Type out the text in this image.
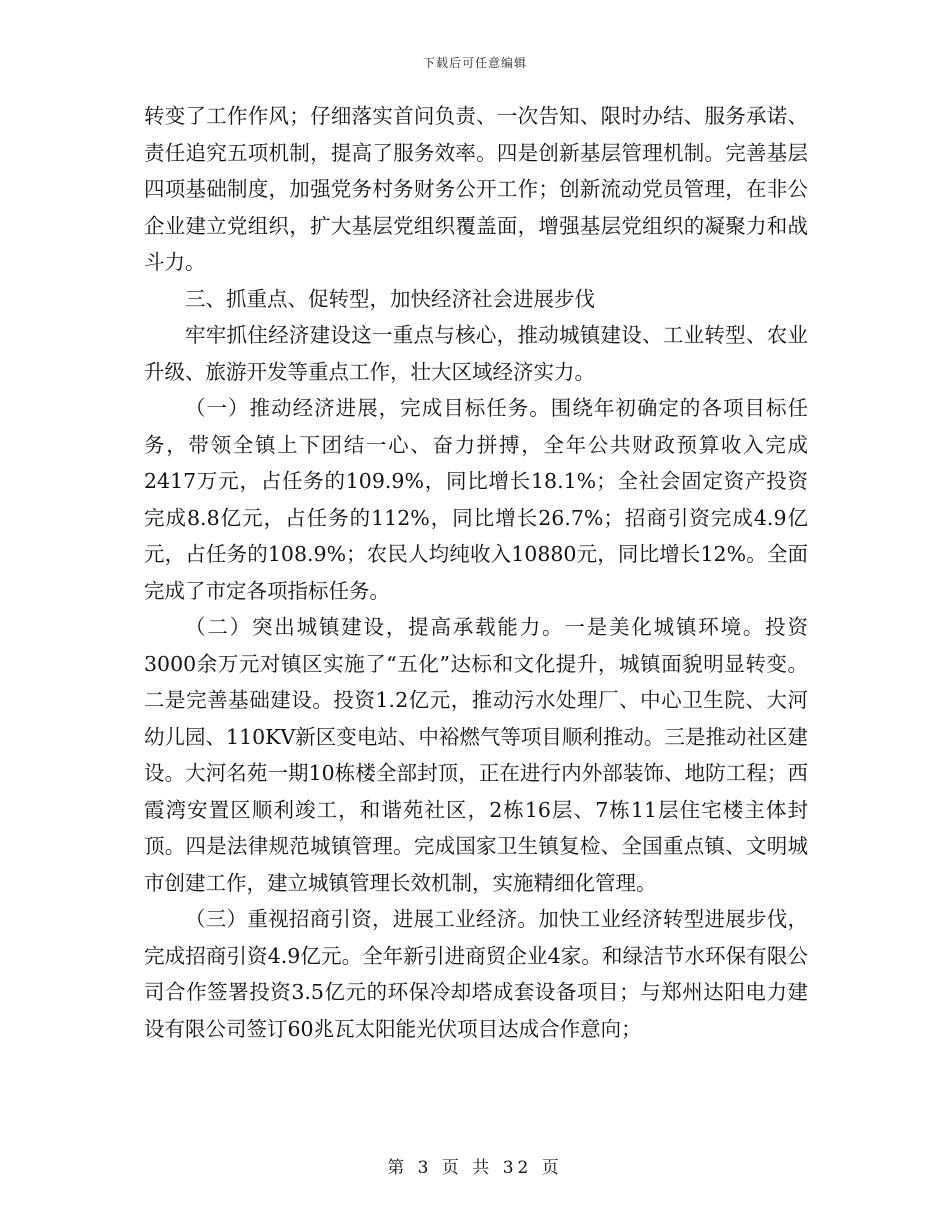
下载后可任意编辑

转变了工作作风；仔细落实首问负责、一次告知、限时办结、服务承诺、责任追究五项机制，提高了服务效率。四是创新基层管理机制。完善基层四项基础制度，加强党务村务财务公开工作；创新流动党员管理，在非公企业建立党组织，扩大基层党组织覆盖面，增强基层党组织的凝聚力和战斗力。

三、抓重点、促转型，加快经济社会进展步伐

牢牢抓住经济建设这一重点与核心，推动城镇建设、工业转型、农业升级、旅游开发等重点工作，壮大区域经济实力。

（一）推动经济进展，完成目标任务。围绕年初确定的各项目标任务，带领全镇上下团结一心、奋力拼搏，全年公共财政预算收入完成2417万元，占任务的109.9%，同比增长18.1%；全社会固定资产投资完成8.8亿元，占任务的112%，同比增长26.7%；招商引资完成4.9亿元，占任务的108.9%；农民人均纯收入10880元，同比增长12%。全面完成了市定各项指标任务。

（二）突出城镇建设，提高承载能力。一是美化城镇环境。投资3000余万元对镇区实施了“五化”达标和文化提升，城镇面貌明显转变。二是完善基础建设。投资1.2亿元，推动污水处理厂、中心卫生院、大河幼儿园、110KV新区变电站、中裕燃气等项目顺利推动。三是推动社区建设。大河名苑一期10栋楼全部封顶，正在进行内外部装饰、地防工程；西霞湾安置区顺利竣工，和谐苑社区，2栋16层、7栋11层住宅楼主体封顶。四是法律规范城镇管理。完成国家卫生镇复检、全国重点镇、文明城市创建工作，建立城镇管理长效机制，实施精细化管理。

（三）重视招商引资，进展工业经济。加快工业经济转型进展步伐，完成招商引资4.9亿元。全年新引进商贸企业4家。和绿洁节水环保有限公司合作签署投资3.5亿元的环保冷却塔成套设备项目；与郑州达阳电力建设有限公司签订60兆瓦太阳能光伏项目达成合作意向；

第 3 页 共 32 页
